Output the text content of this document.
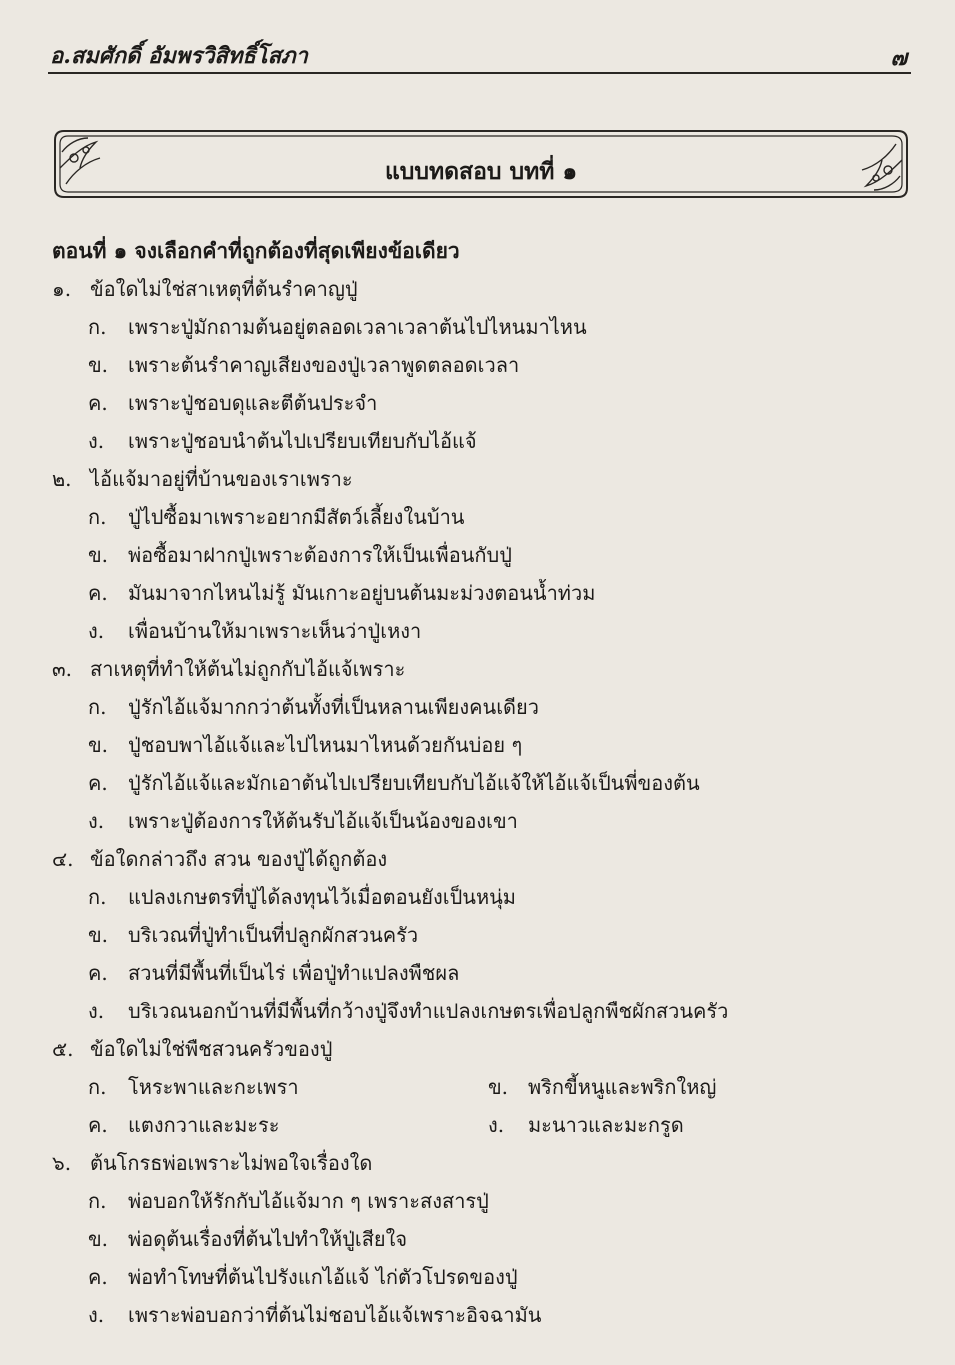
อ.สมศักดิ์ อัมพรวิสิทธิ์โสภา	๗
แบบทดสอบ บทที่ ๑
ตอนที่ ๑ จงเลือกคำที่ถูกต้องที่สุดเพียงข้อเดียว
๑. ข้อใดไม่ใช่สาเหตุที่ต้นรำคาญปู่
ก. เพราะปู่มักถามต้นอยู่ตลอดเวลาเวลาต้นไปไหนมาไหน
ข. เพราะต้นรำคาญเสียงของปู่เวลาพูดตลอดเวลา
ค. เพราะปู่ชอบดุและตีต้นประจำ
ง. เพราะปู่ชอบนำต้นไปเปรียบเทียบกับไอ้แจ้
๒. ไอ้แจ้มาอยู่ที่บ้านของเราเพราะ
ก. ปู่ไปซื้อมาเพราะอยากมีสัตว์เลี้ยงในบ้าน
ข. พ่อซื้อมาฝากปู่เพราะต้องการให้เป็นเพื่อนกับปู่
ค. มันมาจากไหนไม่รู้ มันเกาะอยู่บนต้นมะม่วงตอนน้ำท่วม
ง. เพื่อนบ้านให้มาเพราะเห็นว่าปู่เหงา
๓. สาเหตุที่ทำให้ต้นไม่ถูกกับไอ้แจ้เพราะ
ก. ปู่รักไอ้แจ้มากกว่าต้นทั้งที่เป็นหลานเพียงคนเดียว
ข. ปู่ชอบพาไอ้แจ้และไปไหนมาไหนด้วยกันบ่อย ๆ
ค. ปู่รักไอ้แจ้และมักเอาต้นไปเปรียบเทียบกับไอ้แจ้ให้ไอ้แจ้เป็นพี่ของต้น
ง. เพราะปู่ต้องการให้ต้นรับไอ้แจ้เป็นน้องของเขา
๔. ข้อใดกล่าวถึง สวน ของปู่ได้ถูกต้อง
ก. แปลงเกษตรที่ปู่ได้ลงทุนไว้เมื่อตอนยังเป็นหนุ่ม
ข. บริเวณที่ปู่ทำเป็นที่ปลูกผักสวนครัว
ค. สวนที่มีพื้นที่เป็นไร่ เพื่อปู่ทำแปลงพืชผล
ง. บริเวณนอกบ้านที่มีพื้นที่กว้างปู่จึงทำแปลงเกษตรเพื่อปลูกพืชผักสวนครัว
๕. ข้อใดไม่ใช่พืชสวนครัวของปู่
ก. โหระพาและกะเพรา	ข. พริกขี้หนูและพริกใหญ่
ค. แตงกวาและมะระ	ง. มะนาวและมะกรูด
๖. ต้นโกรธพ่อเพราะไม่พอใจเรื่องใด
ก. พ่อบอกให้รักกับไอ้แจ้มาก ๆ เพราะสงสารปู่
ข. พ่อดุต้นเรื่องที่ต้นไปทำให้ปู่เสียใจ
ค. พ่อทำโทษที่ต้นไปรังแกไอ้แจ้ ไก่ตัวโปรดของปู่
ง. เพราะพ่อบอกว่าที่ต้นไม่ชอบไอ้แจ้เพราะอิจฉามัน
